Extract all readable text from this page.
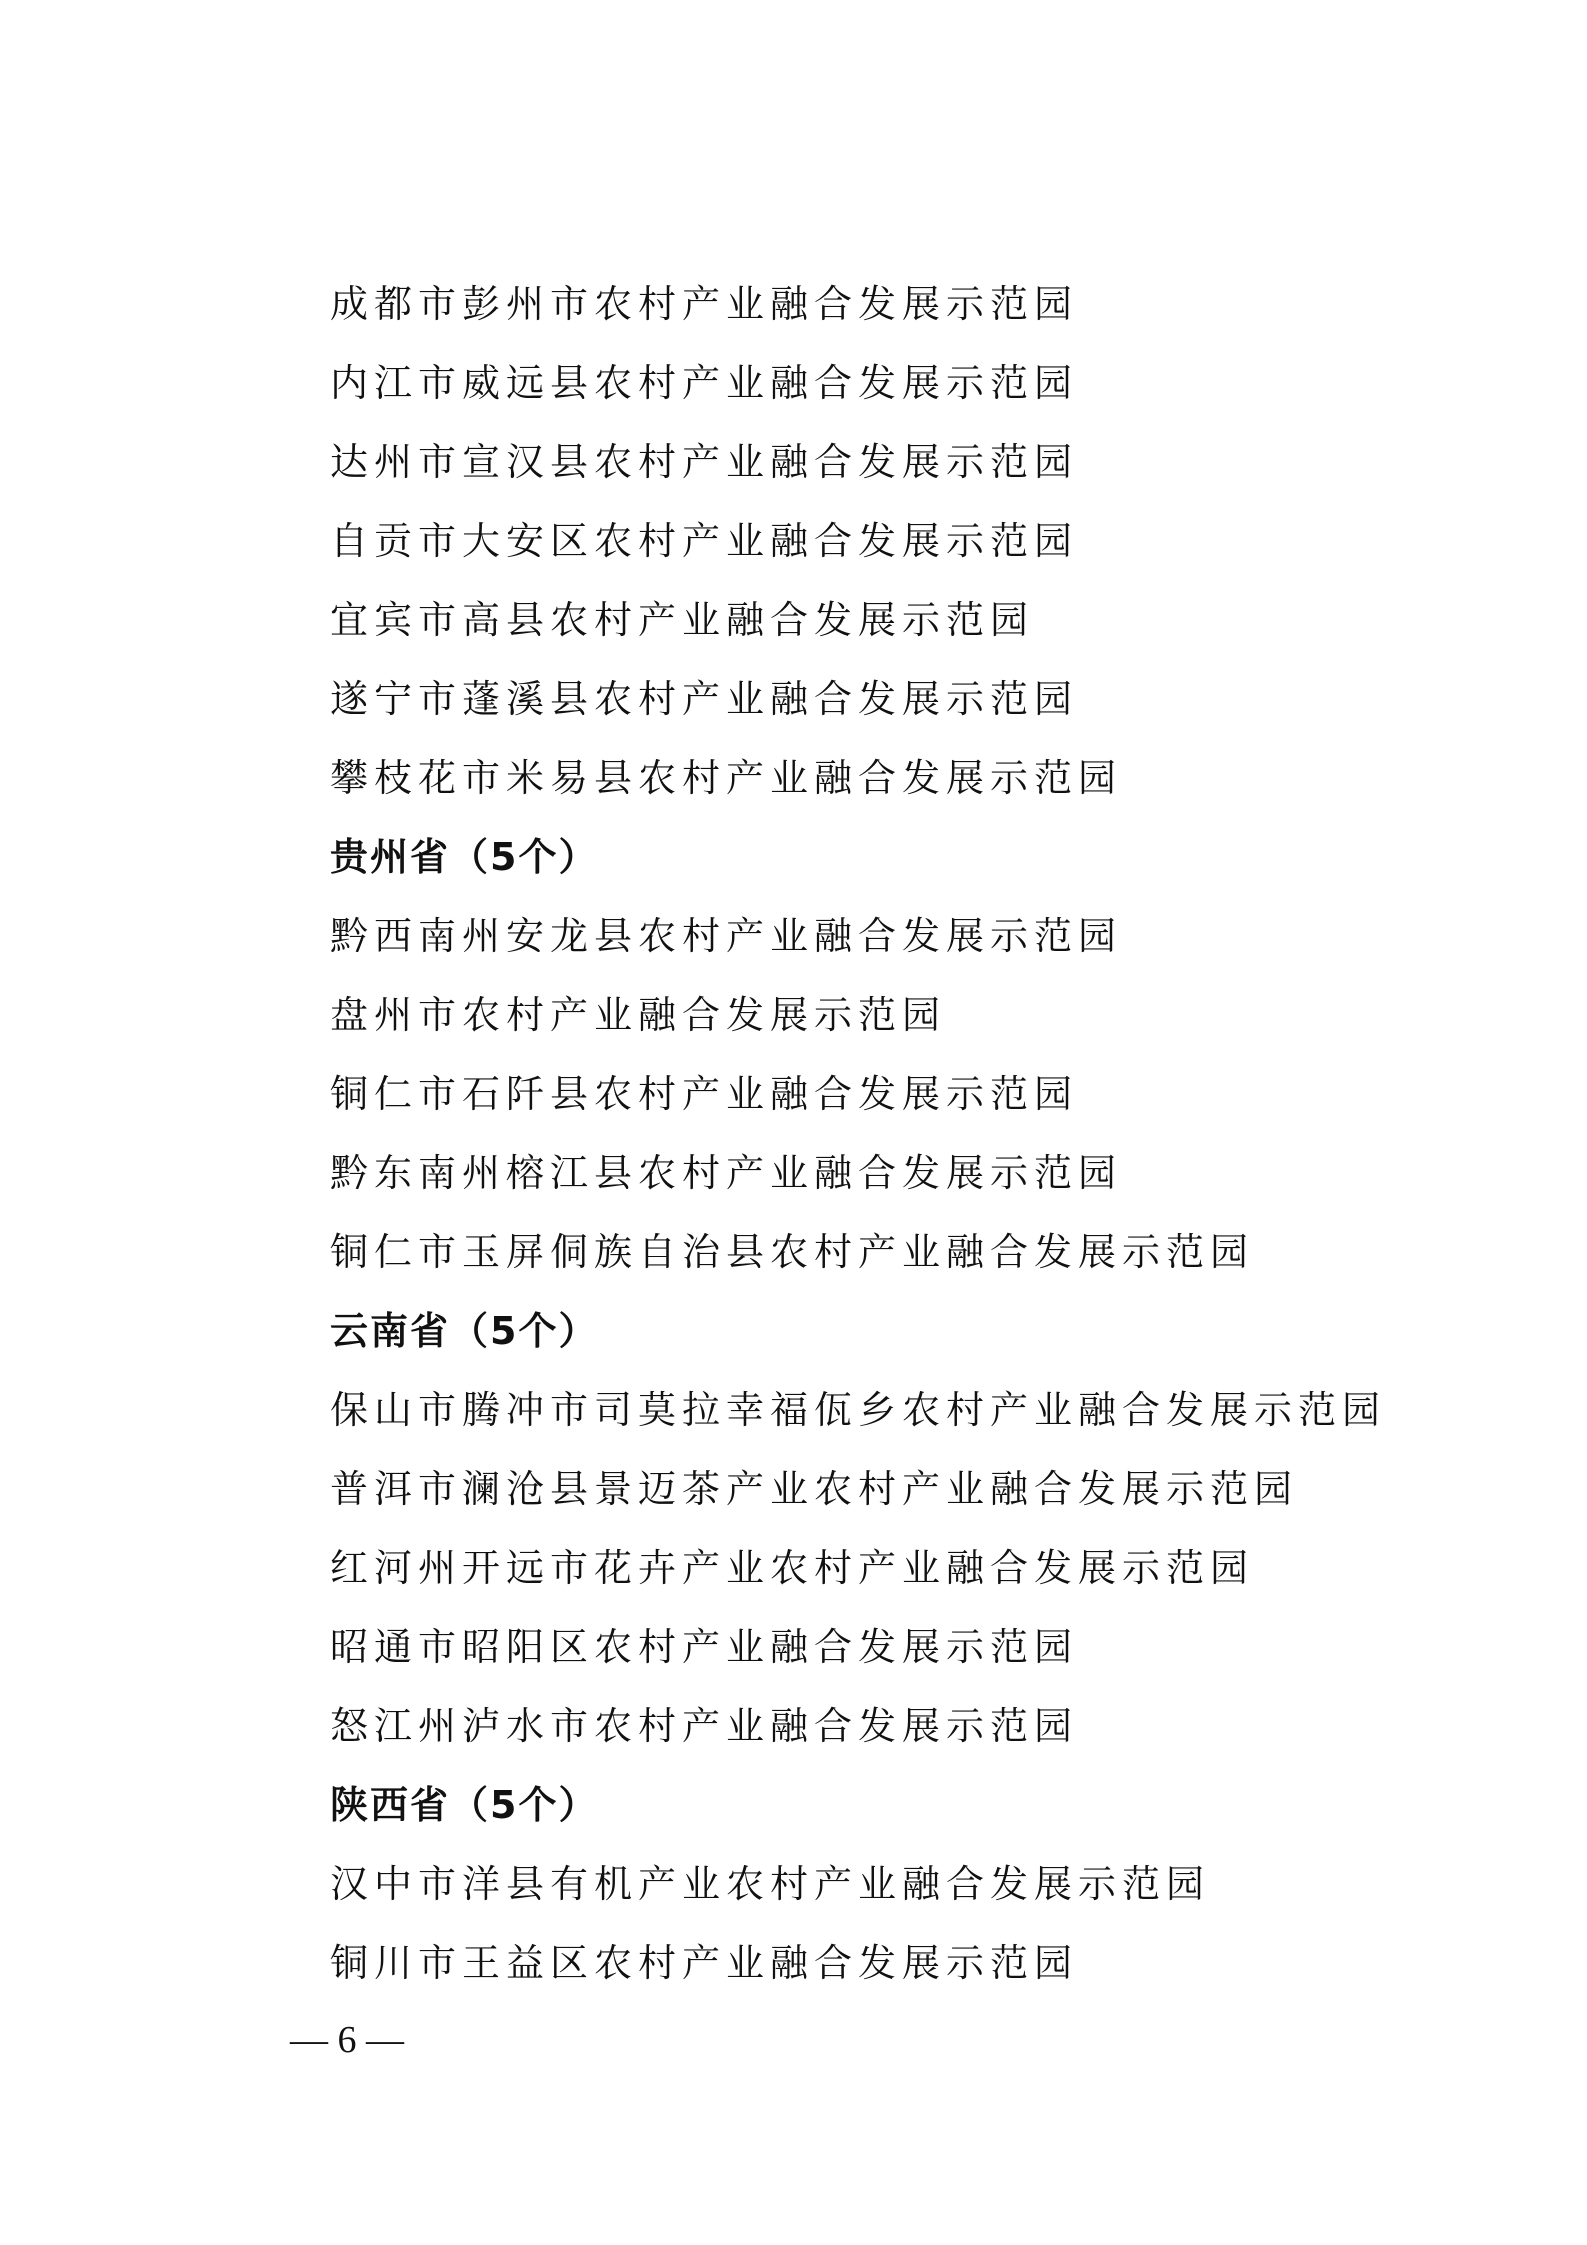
成都市彭州市农村产业融合发展示范园
内江市威远县农村产业融合发展示范园
达州市宣汉县农村产业融合发展示范园
自贡市大安区农村产业融合发展示范园
宜宾市高县农村产业融合发展示范园
遂宁市蓬溪县农村产业融合发展示范园
攀枝花市米易县农村产业融合发展示范园
贵州省（5个）
黔西南州安龙县农村产业融合发展示范园
盘州市农村产业融合发展示范园
铜仁市石阡县农村产业融合发展示范园
黔东南州榕江县农村产业融合发展示范园
铜仁市玉屏侗族自治县农村产业融合发展示范园
云南省（5个）
保山市腾冲市司莫拉幸福佤乡农村产业融合发展示范园
普洱市澜沧县景迈茶产业农村产业融合发展示范园
红河州开远市花卉产业农村产业融合发展示范园
昭通市昭阳区农村产业融合发展示范园
怒江州泸水市农村产业融合发展示范园
陕西省（5个）
汉中市洋县有机产业农村产业融合发展示范园
铜川市王益区农村产业融合发展示范园
— 6 —
